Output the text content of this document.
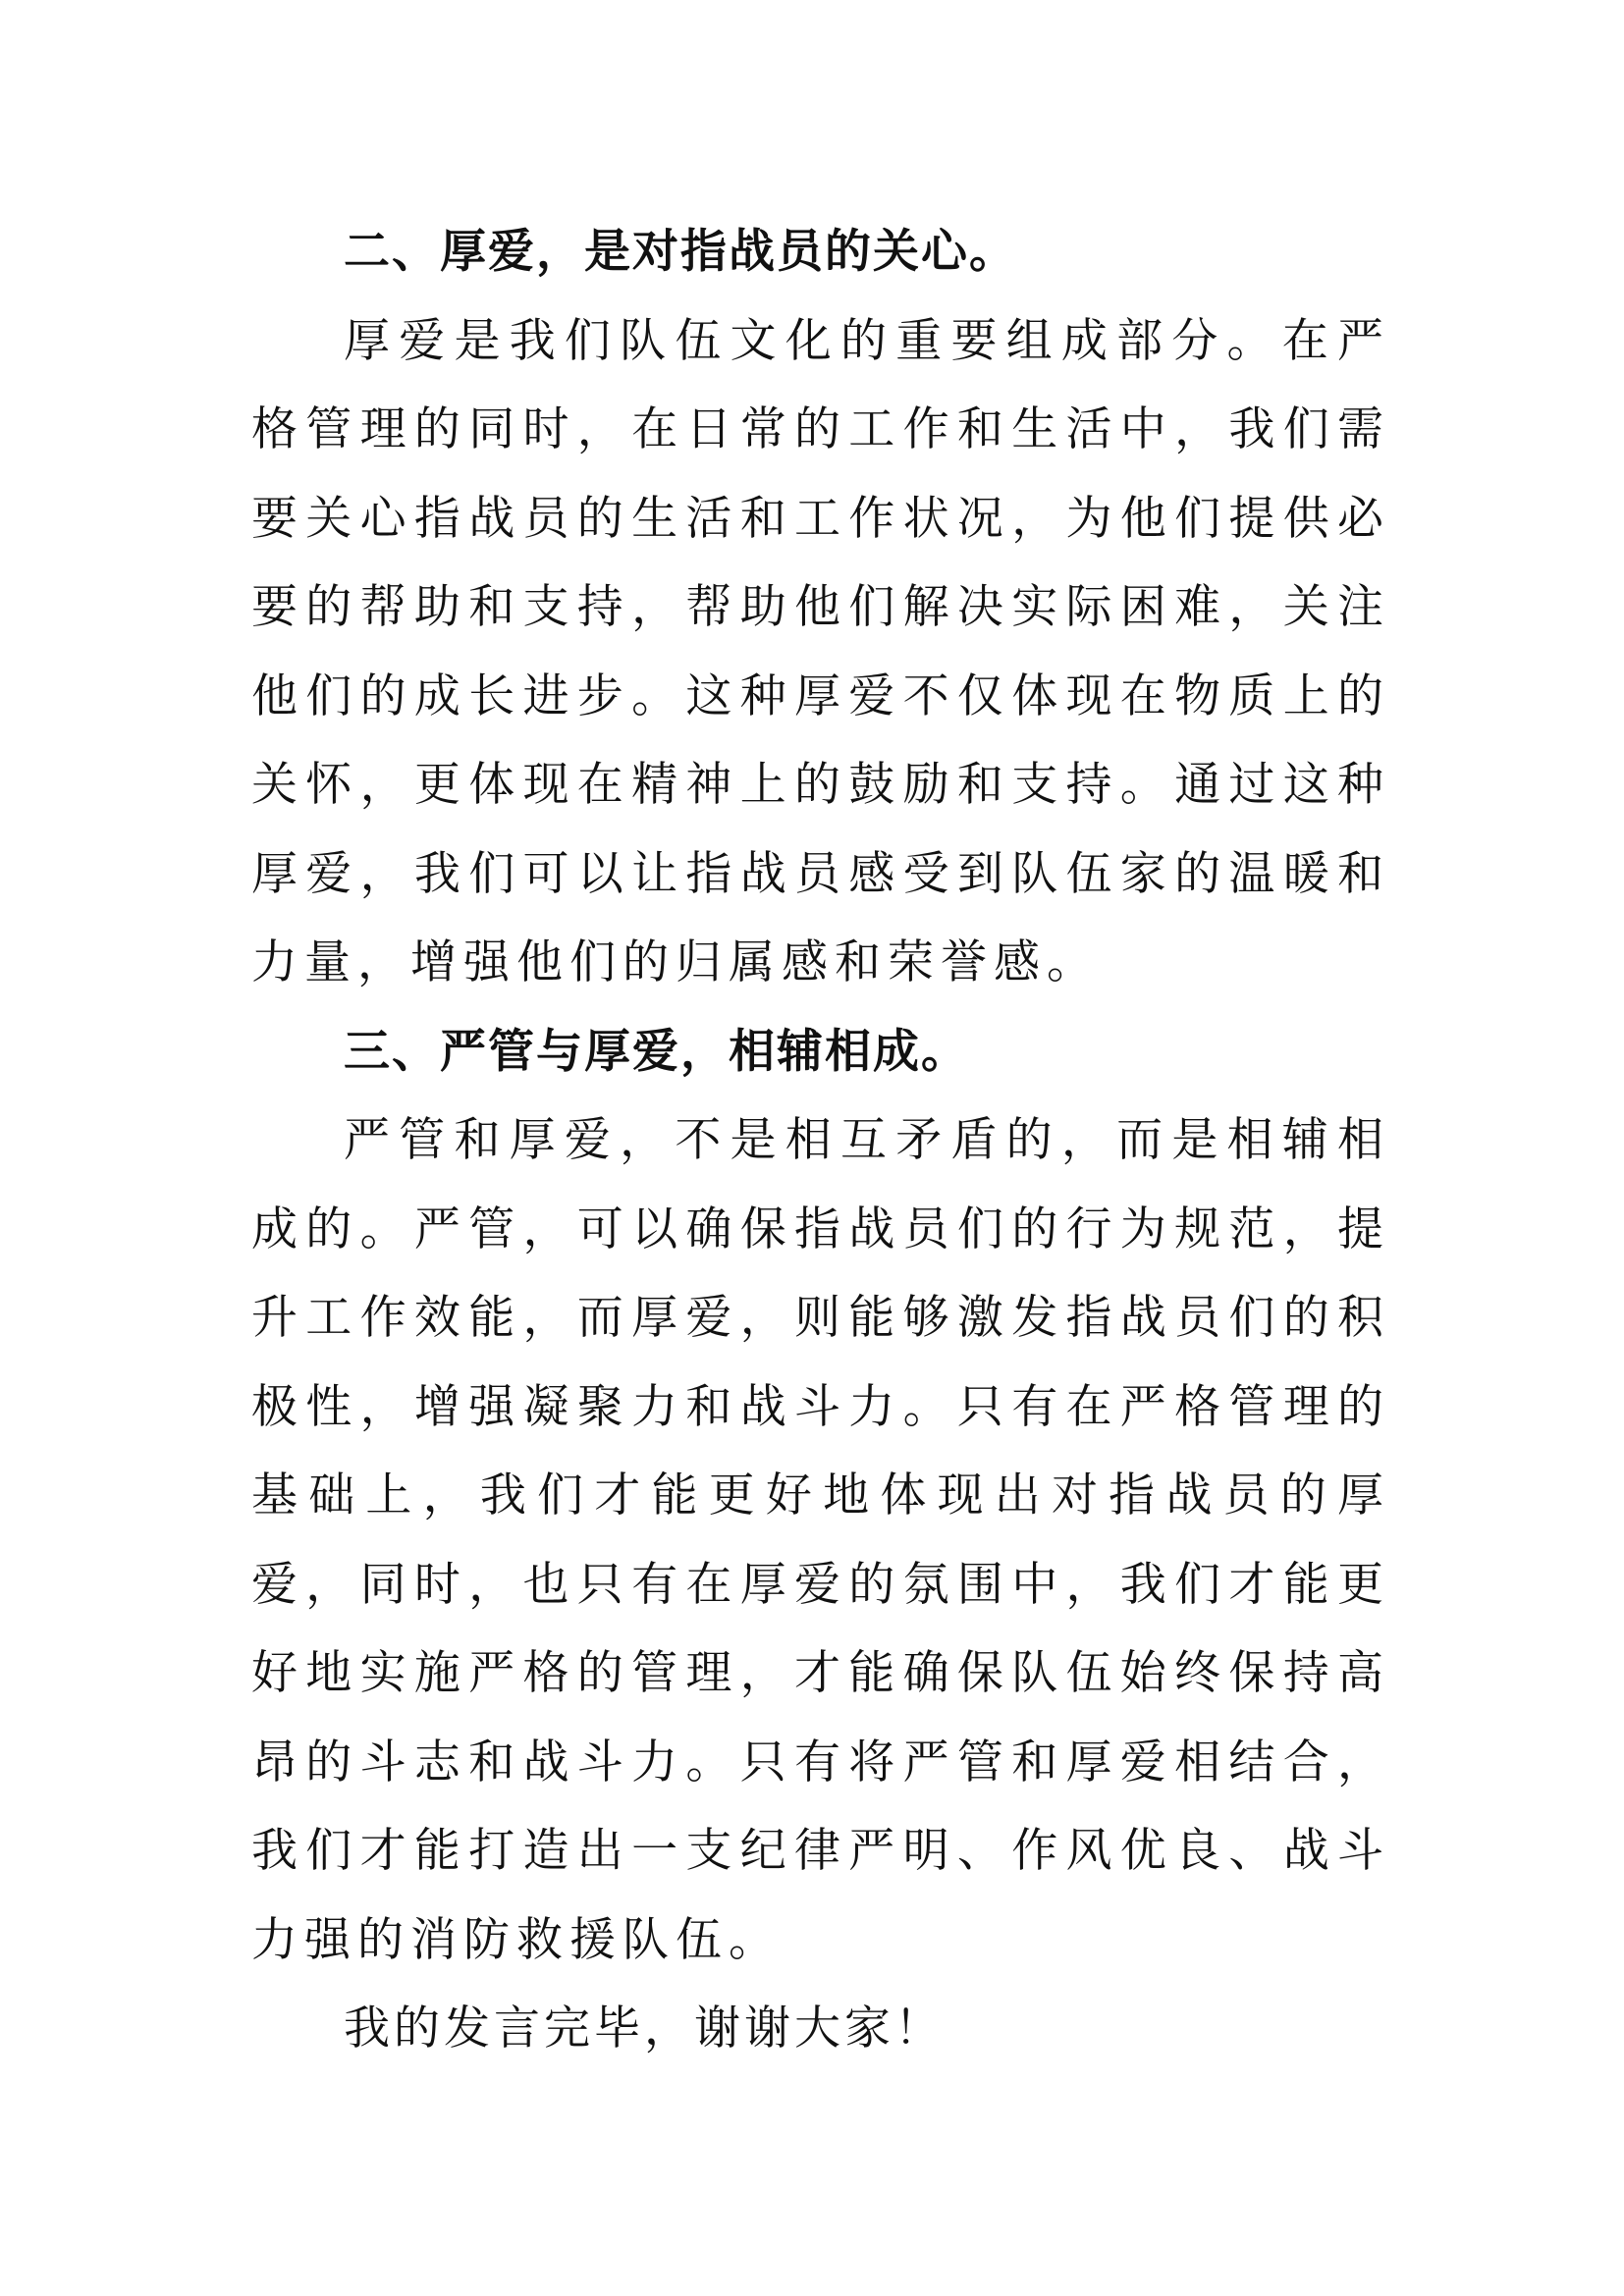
二、厚爱，是对指战员的关心。

厚爱是我们队伍文化的重要组成部分。在严格管理的同时，在日常的工作和生活中，我们需要关心指战员的生活和工作状况，为他们提供必要的帮助和支持，帮助他们解决实际困难，关注他们的成长进步。这种厚爱不仅体现在物质上的关怀，更体现在精神上的鼓励和支持。通过这种厚爱，我们可以让指战员感受到队伍家的温暖和力量，增强他们的归属感和荣誉感。

三、严管与厚爱，相辅相成。

严管和厚爱，不是相互矛盾的，而是相辅相成的。严管，可以确保指战员们的行为规范，提升工作效能，而厚爱，则能够激发指战员们的积极性，增强凝聚力和战斗力。只有在严格管理的基础上，我们才能更好地体现出对指战员的厚爱，同时，也只有在厚爱的氛围中，我们才能更好地实施严格的管理，才能确保队伍始终保持高昂的斗志和战斗力。只有将严管和厚爱相结合，我们才能打造出一支纪律严明、作风优良、战斗力强的消防救援队伍。

我的发言完毕，谢谢大家！
